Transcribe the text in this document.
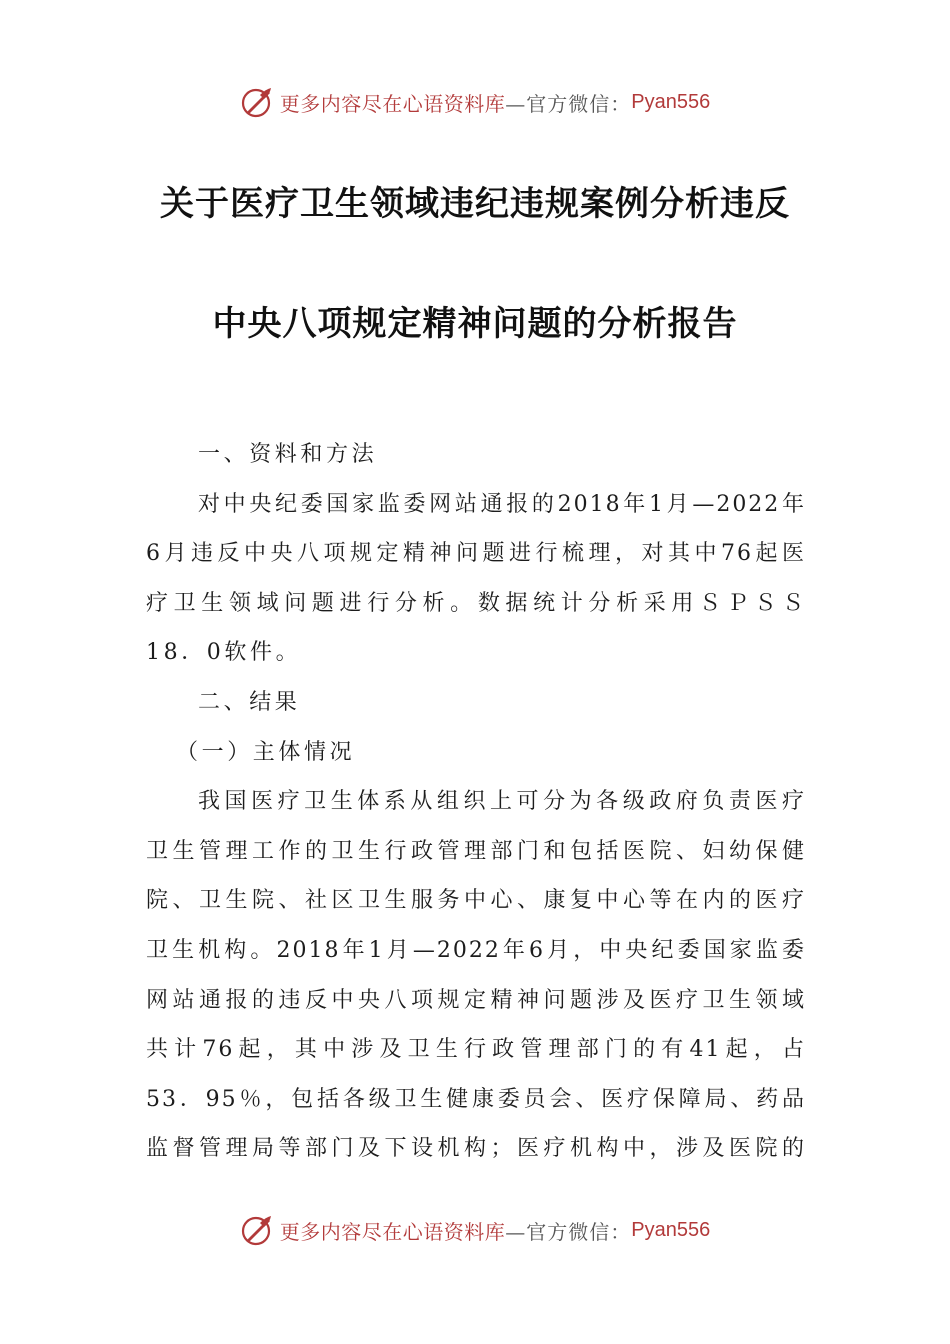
更多内容尽在心语资料库 —官方微信： Pyan556
关于医疗卫生领域违纪违规案例分析违反
中央八项规定精神问题的分析报告
一、资料和方法
对中央纪委国家监委网站通报的2018年1月—2022年
6月违反中央八项规定精神问题进行梳理，对其中76起医
疗卫生领域问题进行分析。数据统计分析采用ＳＰＳＳ
18．0软件。
二、结果
（一）主体情况
我国医疗卫生体系从组织上可分为各级政府负责医疗
卫生管理工作的卫生行政管理部门和包括医院、妇幼保健
院、卫生院、社区卫生服务中心、康复中心等在内的医疗
卫生机构。2018年1月—2022年6月，中央纪委国家监委
网站通报的违反中央八项规定精神问题涉及医疗卫生领域
共计76起，其中涉及卫生行政管理部门的有41起，占
53．95％，包括各级卫生健康委员会、医疗保障局、药品
监督管理局等部门及下设机构；医疗机构中，涉及医院的
更多内容尽在心语资料库 —官方微信： Pyan556
